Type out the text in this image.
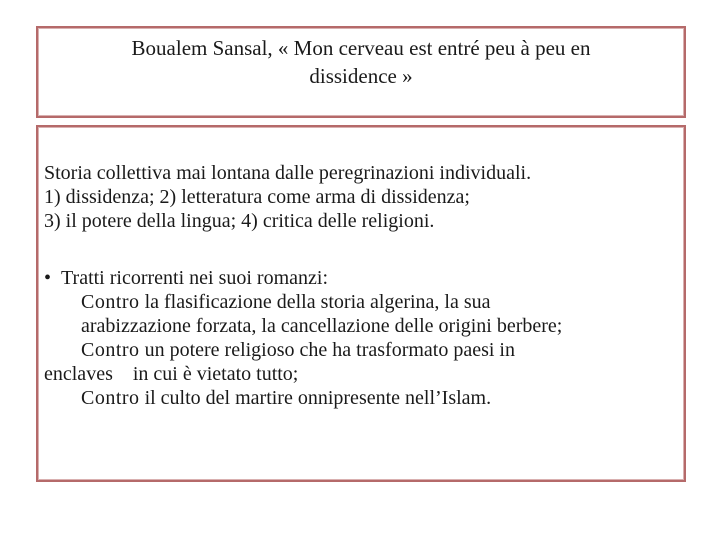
Boualem Sansal, « Mon cerveau est entré peu à peu en
dissidence »
Storia collettiva mai lontana dalle peregrinazioni individuali.
1) dissidenza; 2) letteratura come arma di dissidenza;
3) il potere della lingua; 4) critica delle religioni.
• Tratti ricorrenti nei suoi romanzi:
Contro la flasificazione della storia algerina, la sua
arabizzazione forzata, la cancellazione delle origini berbere;
Contro un potere religioso che ha trasformato paesi in
enclaves    in cui è vietato tutto;
Contro il culto del martire onnipresente nell’Islam.
